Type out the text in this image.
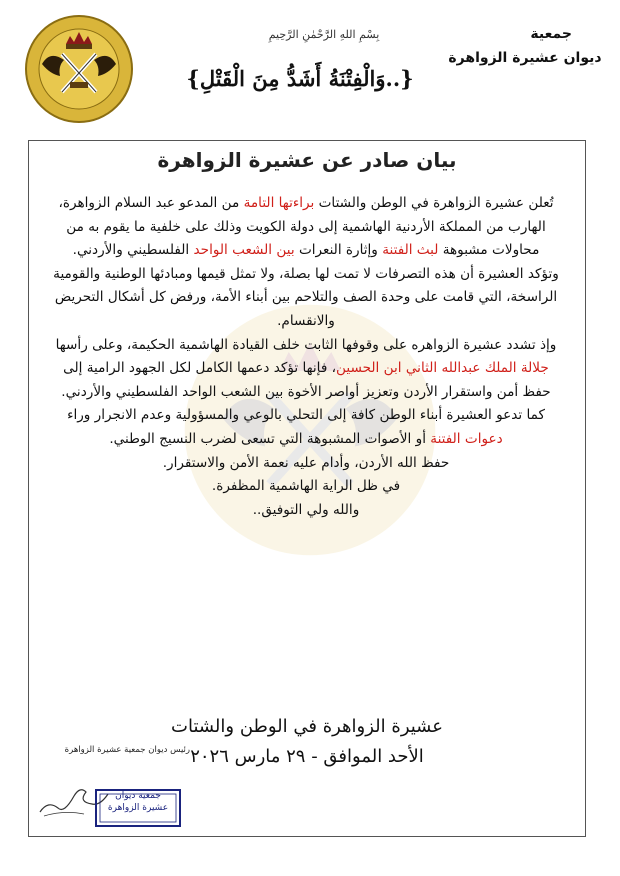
جمعية
ديوان عشيرة الزواهرة
بِسْمِ اللهِ الرَّحْمٰنِ الرَّحِيمِ
{..وَالْفِتْنَةُ أَشَدُّ مِنَ الْقَتْلِ}
بيان صادر عن عشيرة الزواهرة

تُعلن عشيرة الزواهرة في الوطن والشتات براءتها التامة من المدعو عبد السلام الزواهرة، الهارب من المملكة الأردنية الهاشمية إلى دولة الكويت وذلك على خلفية ما يقوم به من محاولات مشبوهة لبث الفتنة وإثارة النعرات بين الشعب الواحد الفلسطيني والأردني.

وتؤكد العشيرة أن هذه التصرفات لا تمت لها بصلة، ولا تمثل قيمها ومبادئها الوطنية والقومية الراسخة، التي قامت على وحدة الصف والتلاحم بين أبناء الأمة، ورفض كل أشكال التحريض والانقسام.

وإذ تشدد عشيرة الزواهره على وقوفها الثابت خلف القيادة الهاشمية الحكيمة، وعلى رأسها جلالة الملك عبدالله الثاني ابن الحسين، فإنها تؤكد دعمها الكامل لكل الجهود الرامية إلى حفظ أمن واستقرار الأردن وتعزيز أواصر الأخوة بين الشعب الواحد الفلسطيني والأردني.

كما تدعو العشيرة أبناء الوطن كافة إلى التحلي بالوعي والمسؤولية وعدم الانجرار وراء دعوات الفتنة أو الأصوات المشبوهة التي تسعى لضرب النسيج الوطني.

حفظ الله الأردن، وأدام عليه نعمة الأمن والاستقرار.

في ظل الراية الهاشمية المظفرة.

والله ولي التوفيق..

عشيرة الزواهرة في الوطن والشتات
الأحد الموافق - ٢٩ مارس ٢٠٢٦
رئيس ديوان جمعية عشيرة الزواهرة
جمعية ديوان
عشيرة الزواهرة
